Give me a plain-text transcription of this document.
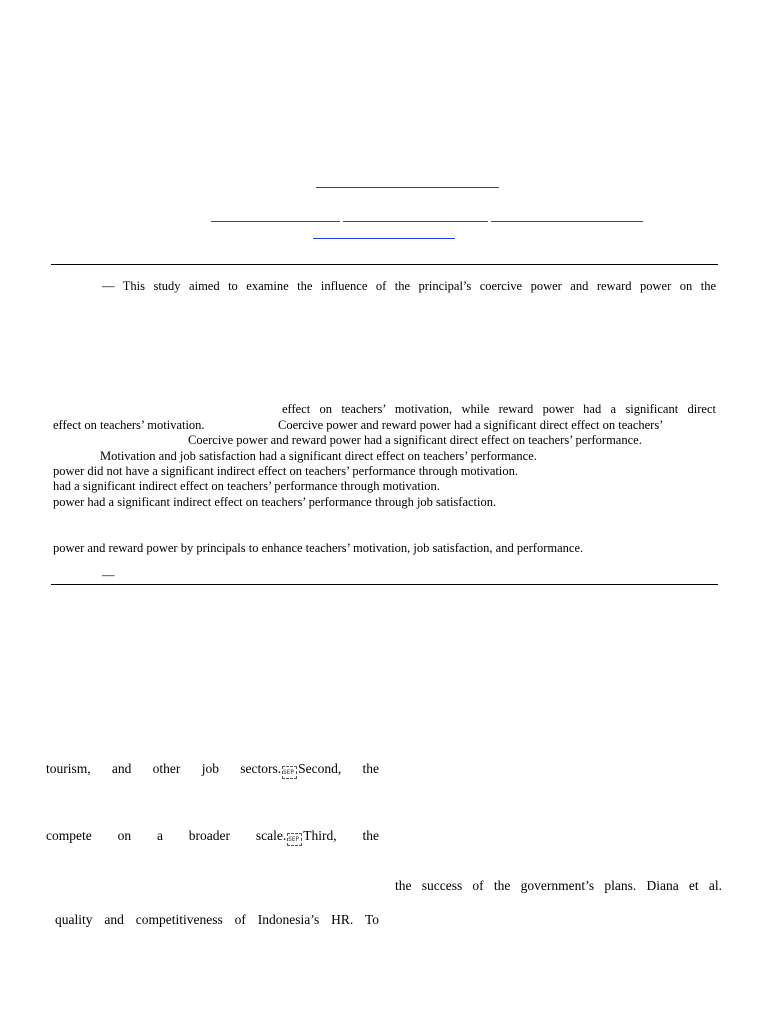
— This study aimed to examine the influence of the principal’s coercive power and reward power on the
effect on teachers’ motivation, while reward power had a significant direct
effect on teachers’ motivation.	Coercive power and reward power had a significant direct effect on teachers’
Coercive power and reward power had a significant direct effect on teachers’ performance.
Motivation and job satisfaction had a significant direct effect on teachers’ performance.
power did not have a significant indirect effect on teachers’ performance through motivation.
had a significant indirect effect on teachers’ performance through motivation.
power had a significant indirect effect on teachers’ performance through job satisfaction.
power and reward power by principals to enhance teachers’ motivation, job satisfaction, and performance.
—
tourism, and other job sectors. SEP Second, the
compete on a broader scale. SEP Third, the
quality and competitiveness of Indonesia’s HR. To
the success of the government’s plans. Diana et al.
